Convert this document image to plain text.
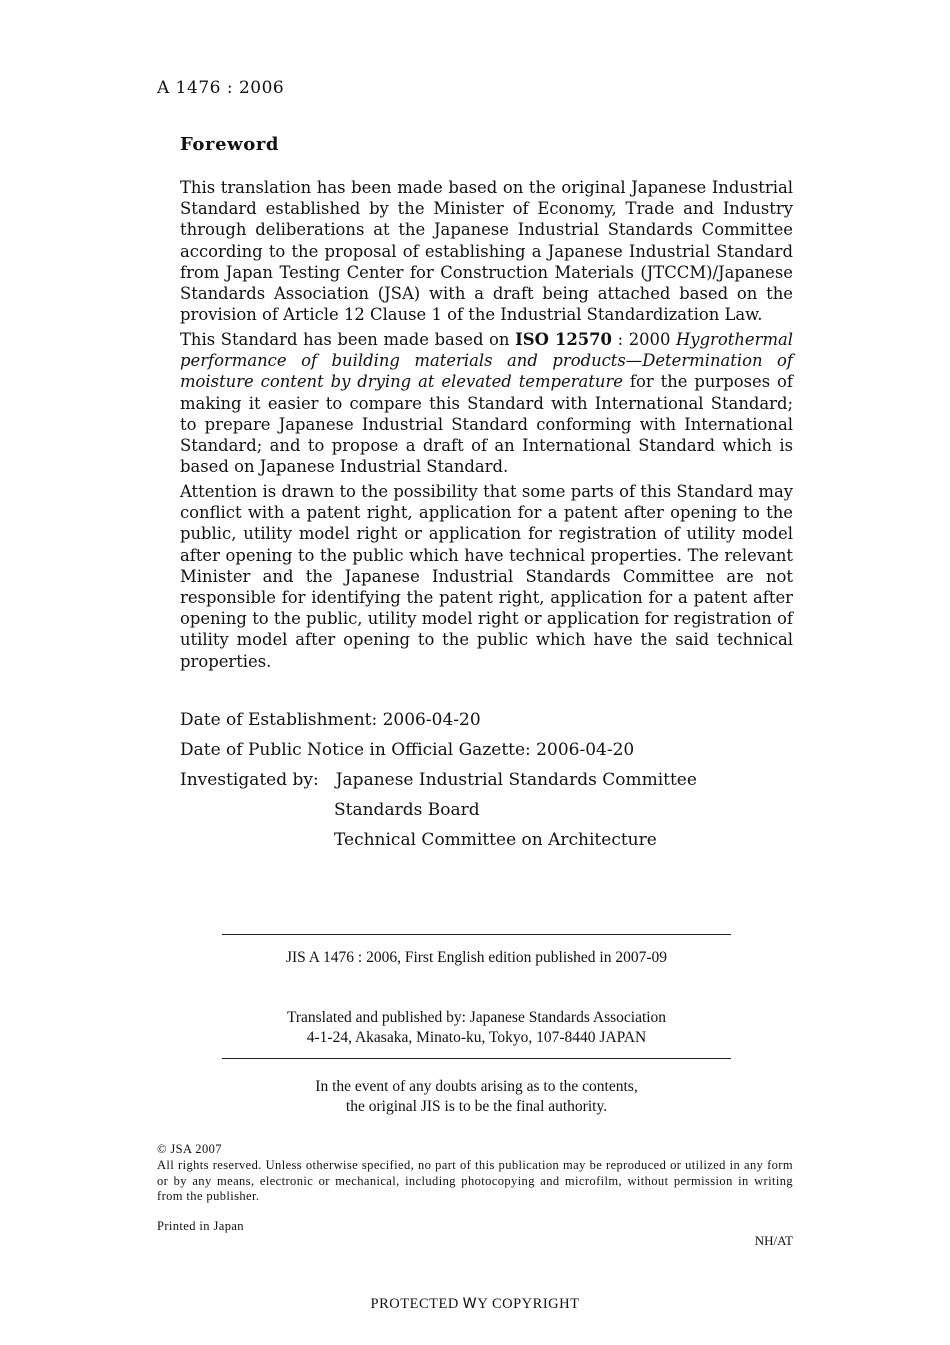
A 1476 : 2006
Foreword

This translation has been made based on the original Japanese Industrial Standard established by the Minister of Economy, Trade and Industry through deliberations at the Japanese Industrial Standards Committee according to the proposal of establishing a Japanese Industrial Standard from Japan Testing Center for Construction Materials (JTCCM)/Japanese Standards Association (JSA) with a draft being attached based on the provision of Article 12 Clause 1 of the Industrial Standardization Law.

This Standard has been made based on ISO 12570 : 2000 Hygrothermal performance of building materials and products—Determination of moisture content by drying at elevated temperature for the purposes of making it easier to compare this Standard with International Standard; to prepare Japanese Industrial Standard conforming with International Standard; and to propose a draft of an International Standard which is based on Japanese Industrial Standard.

Attention is drawn to the possibility that some parts of this Standard may conflict with a patent right, application for a patent after opening to the public, utility model right or application for registration of utility model after opening to the public which have technical properties. The relevant Minister and the Japanese Industrial Standards Committee are not responsible for identifying the patent right, application for a patent after opening to the public, utility model right or application for registration of utility model after opening to the public which have the said technical properties.

Date of Establishment: 2006-04-20
Date of Public Notice in Official Gazette: 2006-04-20
Investigated by: Japanese Industrial Standards Committee
Standards Board
Technical Committee on Architecture
JIS A 1476 : 2006, First English edition published in 2007-09
Translated and published by: Japanese Standards Association
4-1-24, Akasaka, Minato-ku, Tokyo, 107-8440 JAPAN
In the event of any doubts arising as to the contents,
the original JIS is to be the final authority.
© JSA 2007
All rights reserved. Unless otherwise specified, no part of this publication may be reproduced or utilized in any form or by any means, electronic or mechanical, including photocopying and microfilm, without permission in writing from the publisher.
Printed in Japan
NH/AT
PROTECTED ᎳY COPYRIGHT
